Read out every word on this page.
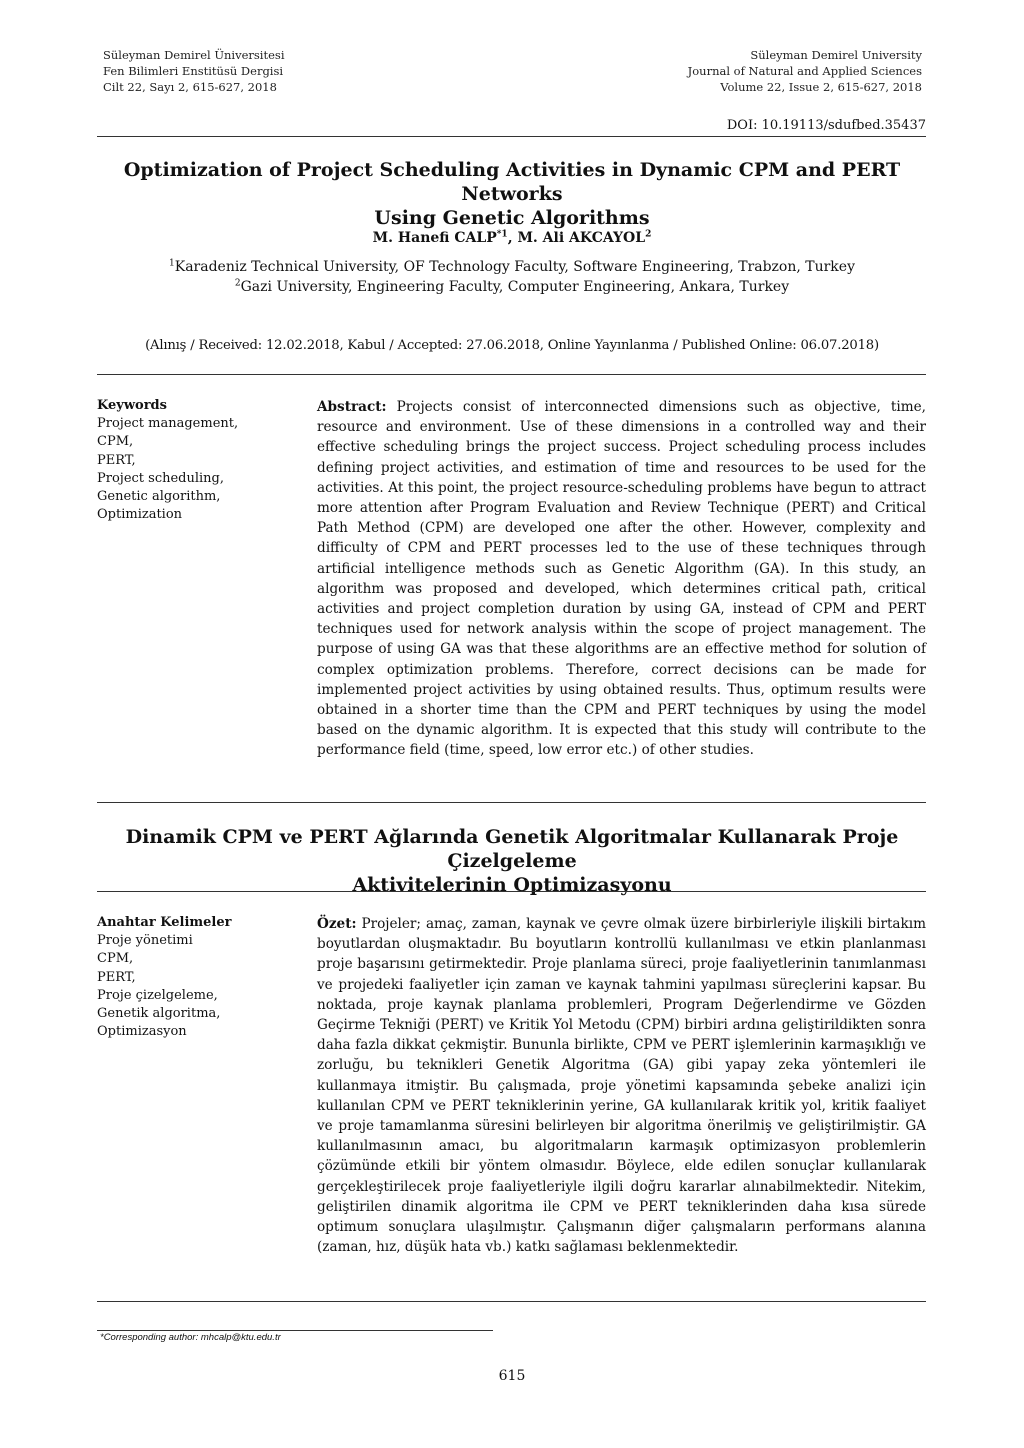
Süleyman Demirel Üniversitesi
Fen Bilimleri Enstitüsü Dergisi
Cilt 22, Sayı 2, 615-627, 2018
Süleyman Demirel University
Journal of Natural and Applied Sciences
Volume 22, Issue 2, 615-627, 2018
DOI: 10.19113/sdufbed.35437
Optimization of Project Scheduling Activities in Dynamic CPM and PERT Networks
Using Genetic Algorithms
M. Hanefi CALP$^{*1}$, M. Ali AKCAYOL$^2$
$^1$Karadeniz Technical University, OF Technology Faculty, Software Engineering, Trabzon, Turkey
$^2$Gazi University, Engineering Faculty, Computer Engineering, Ankara, Turkey
(Alınış / Received: 12.02.2018, Kabul / Accepted: 27.06.2018, Online Yayınlanma / Published Online: 06.07.2018)
Keywords
Project management,
CPM,
PERT,
Project scheduling,
Genetic algorithm,
Optimization
Abstract: Projects consist of interconnected dimensions such as objective, time, resource and environment. Use of these dimensions in a controlled way and their effective scheduling brings the project success. Project scheduling process includes defining project activities, and estimation of time and resources to be used for the activities. At this point, the project resource-scheduling problems have begun to attract more attention after Program Evaluation and Review Technique (PERT) and Critical Path Method (CPM) are developed one after the other. However, complexity and difficulty of CPM and PERT processes led to the use of these techniques through artificial intelligence methods such as Genetic Algorithm (GA). In this study, an algorithm was proposed and developed, which determines critical path, critical activities and project completion duration by using GA, instead of CPM and PERT techniques used for network analysis within the scope of project management. The purpose of using GA was that these algorithms are an effective method for solution of complex optimization problems. Therefore, correct decisions can be made for implemented project activities by using obtained results. Thus, optimum results were obtained in a shorter time than the CPM and PERT techniques by using the model based on the dynamic algorithm. It is expected that this study will contribute to the performance field (time, speed, low error etc.) of other studies.
Dinamik CPM ve PERT Ağlarında Genetik Algoritmalar Kullanarak Proje Çizelgeleme
Aktivitelerinin Optimizasyonu
Anahtar Kelimeler
Proje yönetimi
CPM,
PERT,
Proje çizelgeleme,
Genetik algoritma,
Optimizasyon
Özet: Projeler; amaç, zaman, kaynak ve çevre olmak üzere birbirleriyle ilişkili birtakım boyutlardan oluşmaktadır. Bu boyutların kontrollü kullanılması ve etkin planlanması proje başarısını getirmektedir. Proje planlama süreci, proje faaliyetlerinin tanımlanması ve projedeki faaliyetler için zaman ve kaynak tahmini yapılması süreçlerini kapsar. Bu noktada, proje kaynak planlama problemleri, Program Değerlendirme ve Gözden Geçirme Tekniği (PERT) ve Kritik Yol Metodu (CPM) birbiri ardına geliştirildikten sonra daha fazla dikkat çekmiştir. Bununla birlikte, CPM ve PERT işlemlerinin karmaşıklığı ve zorluğu, bu teknikleri Genetik Algoritma (GA) gibi yapay zeka yöntemleri ile kullanmaya itmiştir. Bu çalışmada, proje yönetimi kapsamında şebeke analizi için kullanılan CPM ve PERT tekniklerinin yerine, GA kullanılarak kritik yol, kritik faaliyet ve proje tamamlanma süresini belirleyen bir algoritma önerilmiş ve geliştirilmiştir. GA kullanılmasının amacı, bu algoritmaların karmaşık optimizasyon problemlerin çözümünde etkili bir yöntem olmasıdır. Böylece, elde edilen sonuçlar kullanılarak gerçekleştirilecek proje faaliyetleriyle ilgili doğru kararlar alınabilmektedir. Nitekim, geliştirilen dinamik algoritma ile CPM ve PERT tekniklerinden daha kısa sürede optimum sonuçlara ulaşılmıştır. Çalışmanın diğer çalışmaların performans alanına (zaman, hız, düşük hata vb.) katkı sağlaması beklenmektedir.
*Corresponding author: mhcalp@ktu.edu.tr
615
